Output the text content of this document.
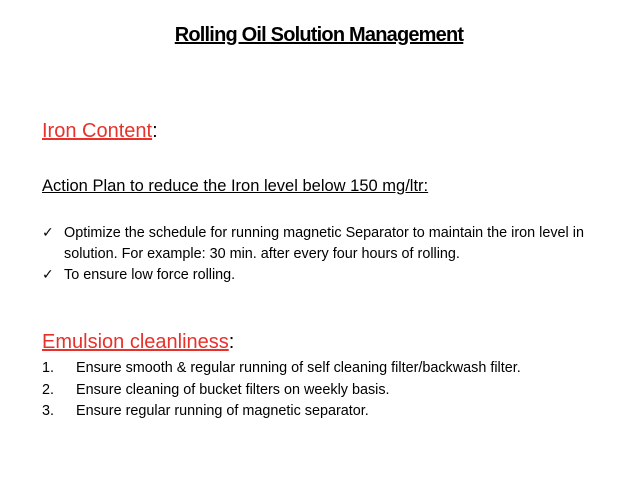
Rolling Oil Solution Management
Iron Content:
Action Plan to reduce the Iron level below 150 mg/ltr:
✓ Optimize the schedule for running magnetic Separator to maintain the iron level in solution. For example: 30 min. after every four hours of rolling.
✓ To ensure low force rolling.
Emulsion cleanliness:
1. Ensure smooth & regular running of self cleaning filter/backwash filter.
2. Ensure cleaning of bucket filters on weekly basis.
3. Ensure regular running of magnetic separator.
